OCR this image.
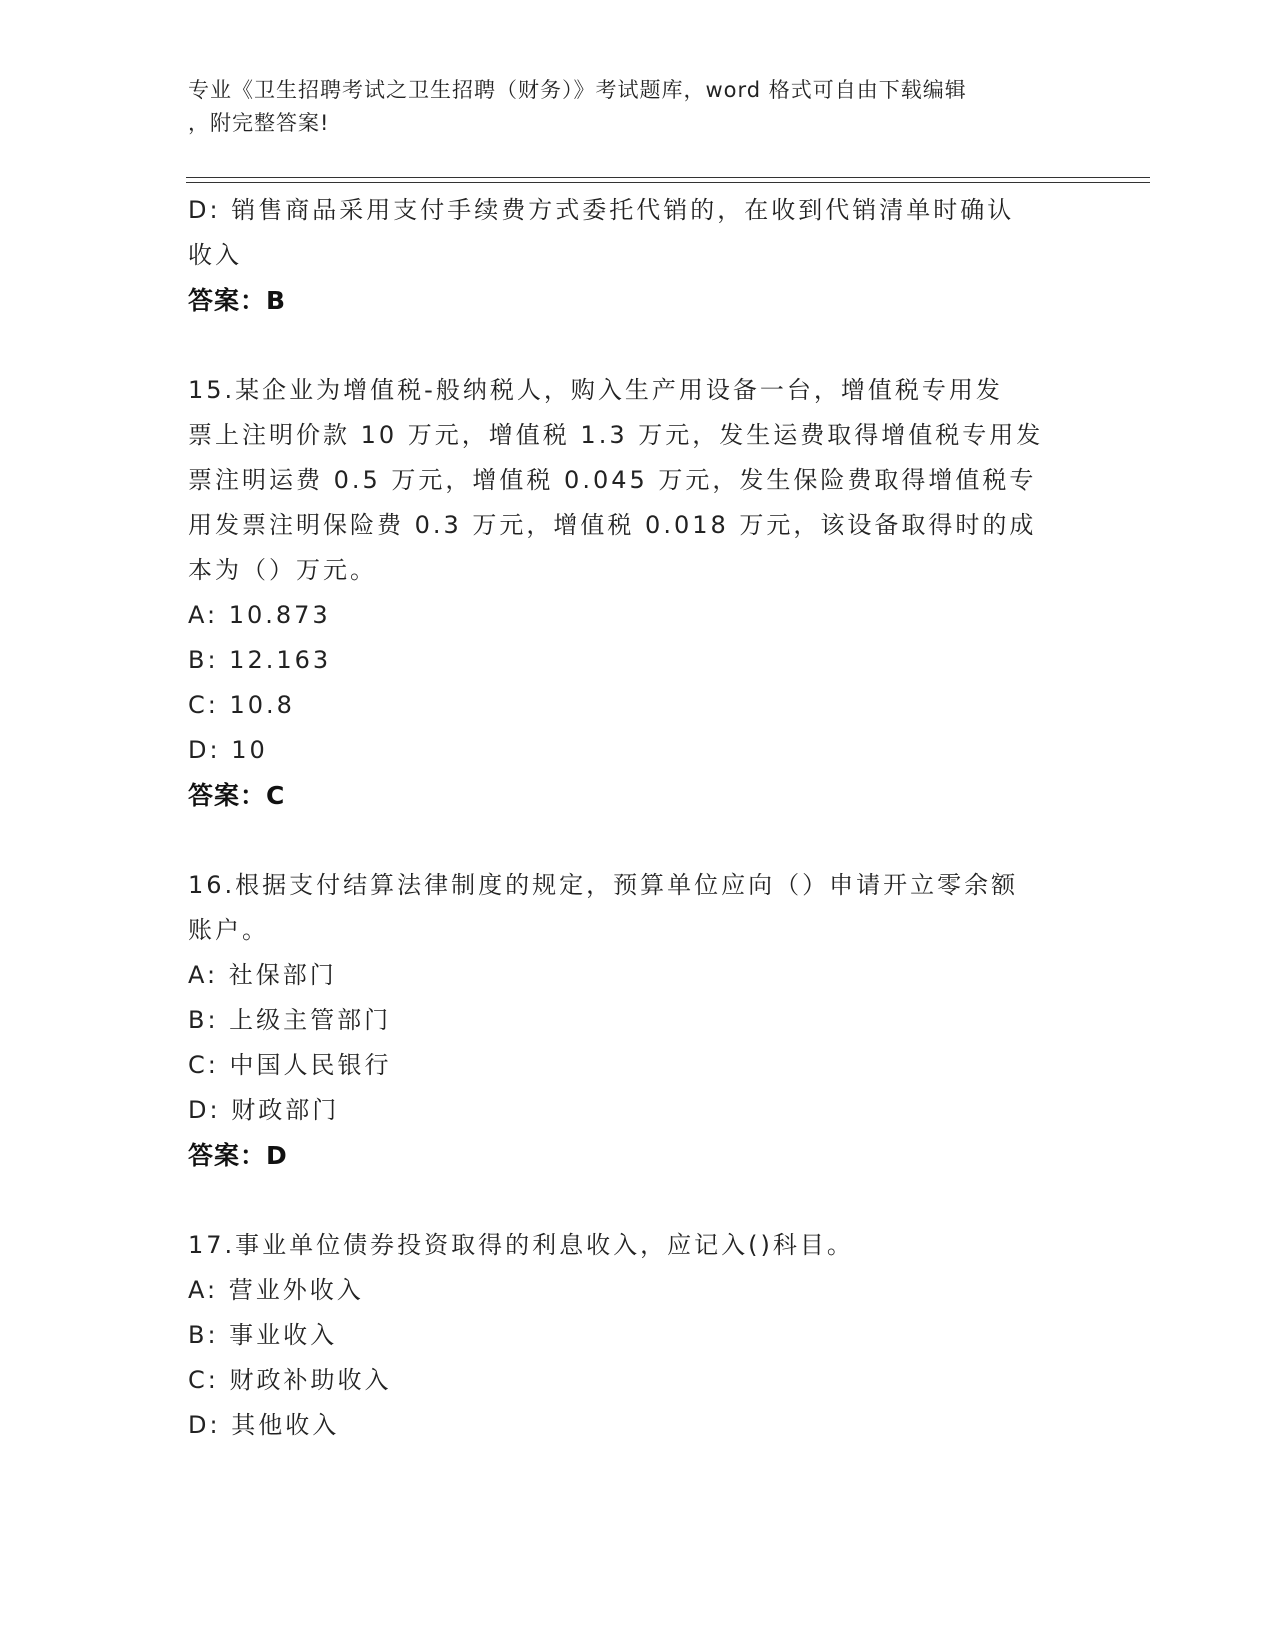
专业《卫生招聘考试之卫生招聘（财务）》考试题库，word 格式可自由下载编辑
，附完整答案!
D: 销售商品采用支付手续费方式委托代销的，在收到代销清单时确认
收入
答案：B
15.某企业为增值税-般纳税人，购入生产用设备一台，增值税专用发
票上注明价款 10 万元，增值税 1.3 万元，发生运费取得增值税专用发
票注明运费 0.5 万元，增值税 0.045 万元，发生保险费取得增值税专
用发票注明保险费 0.3 万元，增值税 0.018 万元，该设备取得时的成
本为（）万元。
A: 10.873
B: 12.163
C: 10.8
D: 10
答案：C
16.根据支付结算法律制度的规定，预算单位应向（）申请开立零余额
账户。
A: 社保部门
B: 上级主管部门
C: 中国人民银行
D: 财政部门
答案：D
17.事业单位债券投资取得的利息收入，应记入()科目。
A: 营业外收入
B: 事业收入
C: 财政补助收入
D: 其他收入
